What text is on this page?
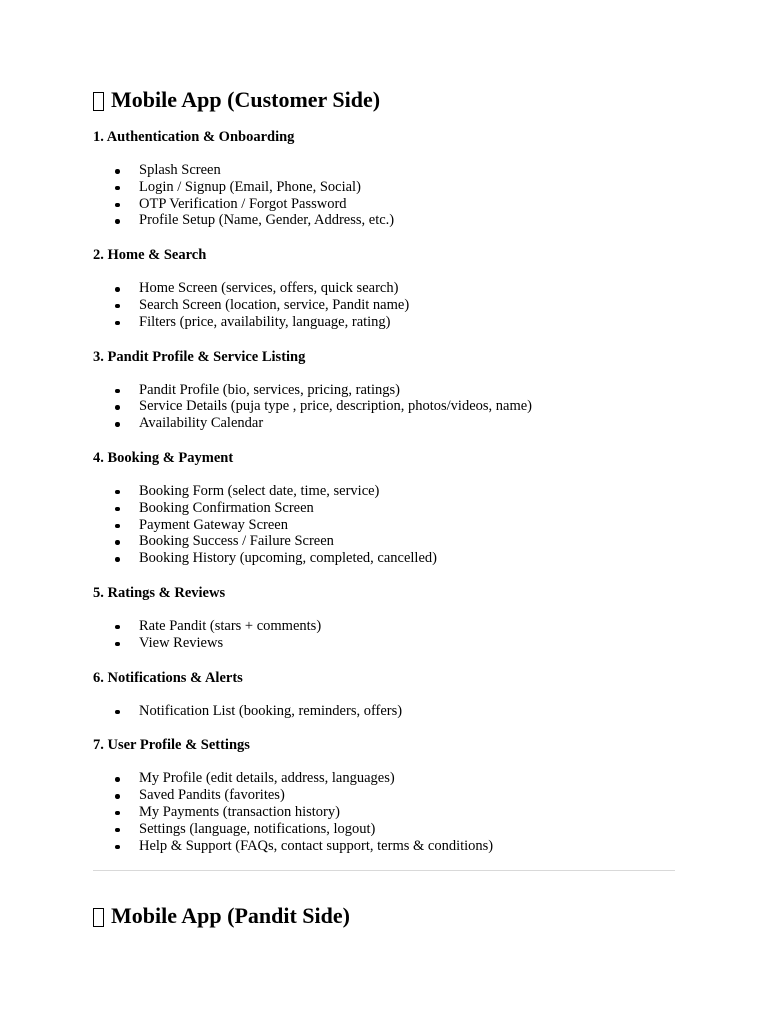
Mobile App (Customer Side)
1. Authentication & Onboarding
Splash Screen
Login / Signup (Email, Phone, Social)
OTP Verification / Forgot Password
Profile Setup (Name, Gender, Address, etc.)
2. Home & Search
Home Screen (services, offers, quick search)
Search Screen (location, service, Pandit name)
Filters (price, availability, language, rating)
3. Pandit Profile & Service Listing
Pandit Profile (bio, services, pricing, ratings)
Service Details (puja type , price, description, photos/videos, name)
Availability Calendar
4. Booking & Payment
Booking Form (select date, time, service)
Booking Confirmation Screen
Payment Gateway Screen
Booking Success / Failure Screen
Booking History (upcoming, completed, cancelled)
5. Ratings & Reviews
Rate Pandit (stars + comments)
View Reviews
6. Notifications & Alerts
Notification List (booking, reminders, offers)
7. User Profile & Settings
My Profile (edit details, address, languages)
Saved Pandits (favorites)
My Payments (transaction history)
Settings (language, notifications, logout)
Help & Support (FAQs, contact support, terms & conditions)
Mobile App (Pandit Side)
